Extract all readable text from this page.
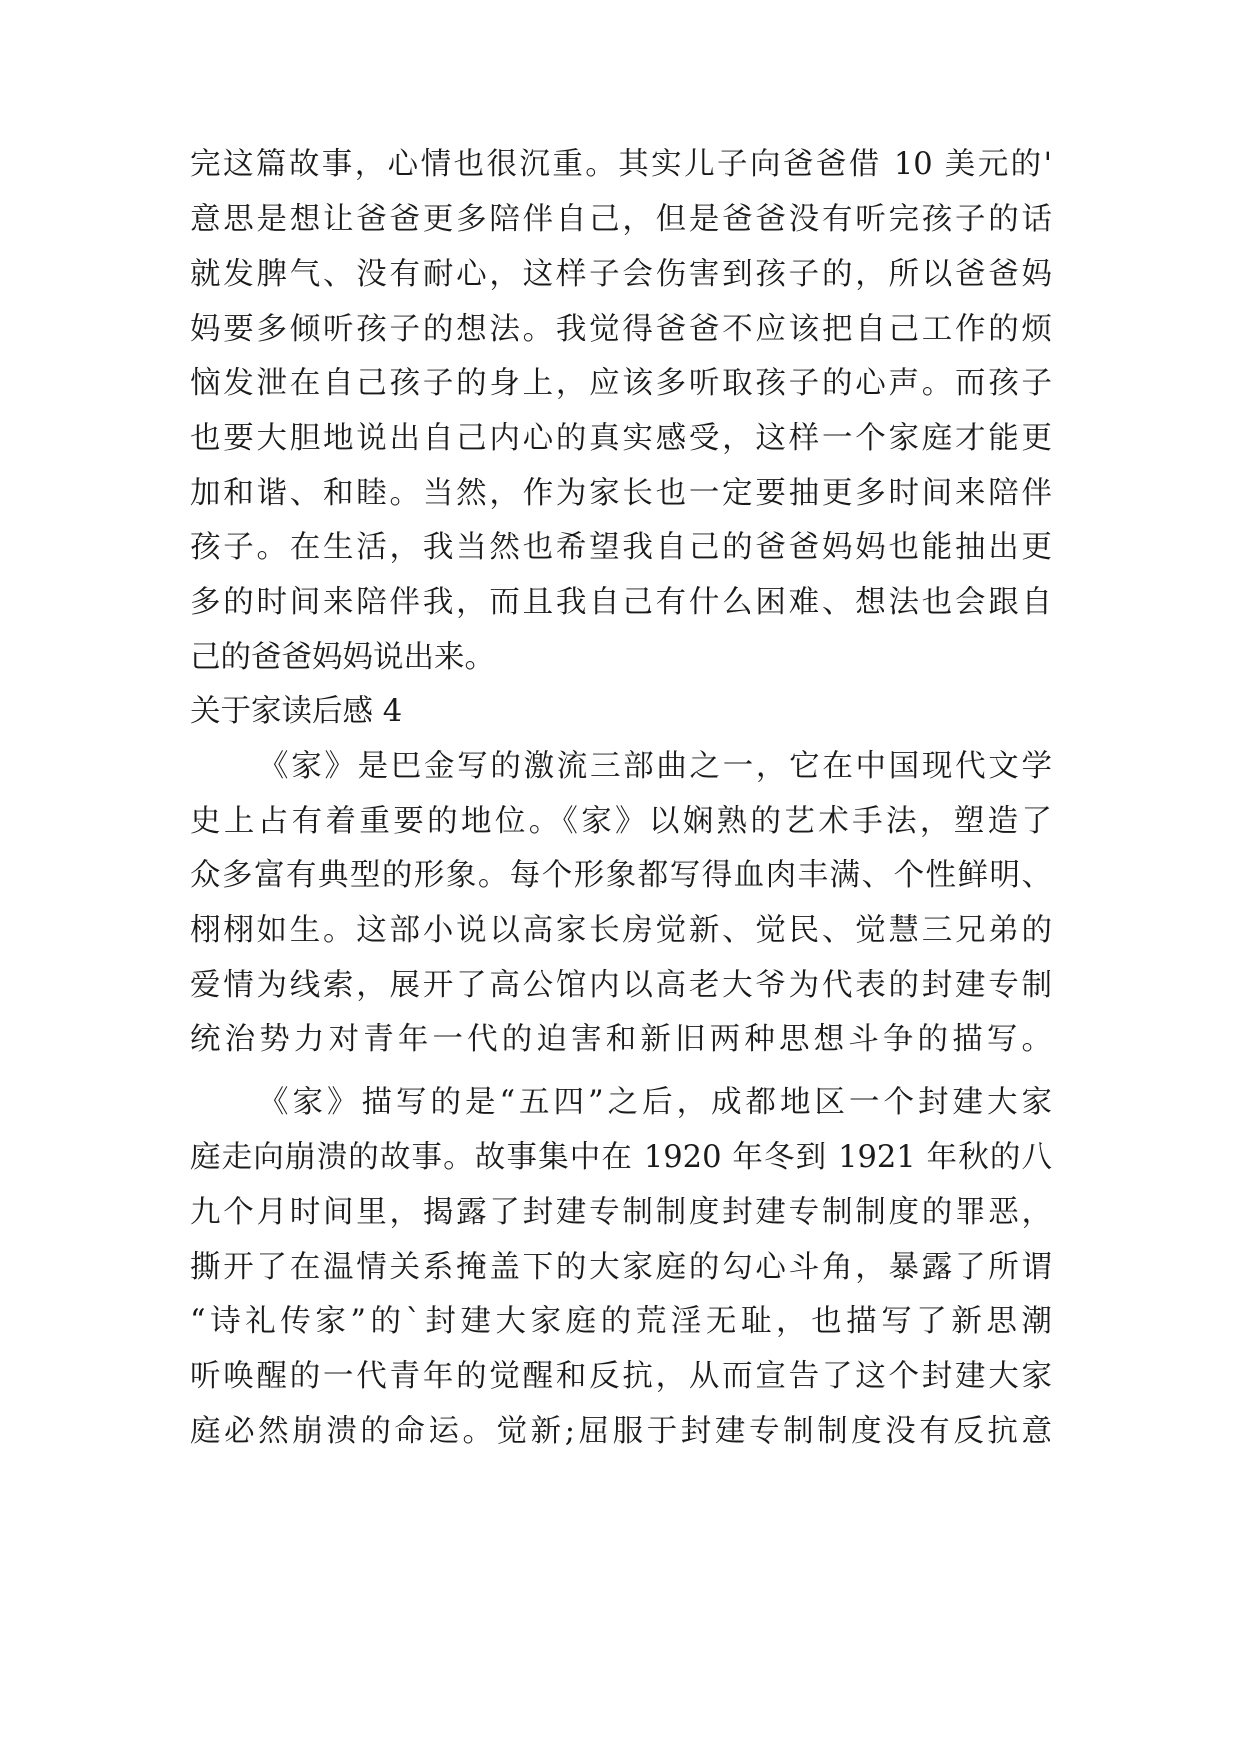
完这篇故事，心情也很沉重。其实儿子向爸爸借 10 美元的'
意思是想让爸爸更多陪伴自己，但是爸爸没有听完孩子的话
就发脾气、没有耐心，这样子会伤害到孩子的，所以爸爸妈
妈要多倾听孩子的想法。我觉得爸爸不应该把自己工作的烦
恼发泄在自己孩子的身上，应该多听取孩子的心声。而孩子
也要大胆地说出自己内心的真实感受，这样一个家庭才能更
加和谐、和睦。当然，作为家长也一定要抽更多时间来陪伴
孩子。在生活，我当然也希望我自己的爸爸妈妈也能抽出更
多的时间来陪伴我，而且我自己有什么困难、想法也会跟自
己的爸爸妈妈说出来。
关于家读后感 4
《家》是巴金写的激流三部曲之一，它在中国现代文学
史上占有着重要的地位。《家》以娴熟的艺术手法，塑造了
众多富有典型的形象。每个形象都写得血肉丰满、个性鲜明、
栩栩如生。这部小说以高家长房觉新、觉民、觉慧三兄弟的
爱情为线索，展开了高公馆内以高老大爷为代表的封建专制
统治势力对青年一代的迫害和新旧两种思想斗争的描写。
《家》描写的是“五四”之后，成都地区一个封建大家
庭走向崩溃的故事。故事集中在 1920 年冬到 1921 年秋的八
九个月时间里，揭露了封建专制制度封建专制制度的罪恶，
撕开了在温情关系掩盖下的大家庭的勾心斗角，暴露了所谓
“诗礼传家”的`封建大家庭的荒淫无耻，也描写了新思潮
听唤醒的一代青年的觉醒和反抗，从而宣告了这个封建大家
庭必然崩溃的命运。觉新;屈服于封建专制制度没有反抗意
